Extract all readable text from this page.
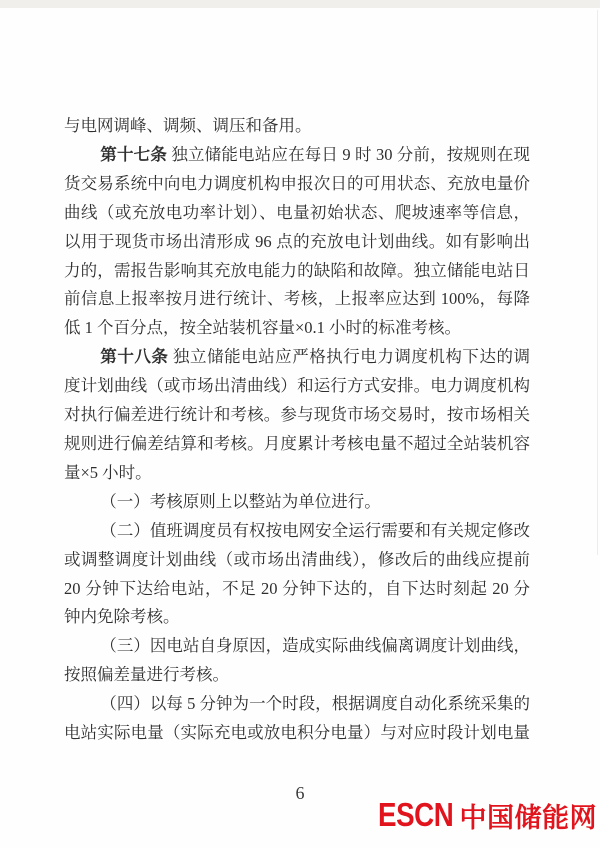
与电网调峰、调频、调压和备用。
第十七条 独立储能电站应在每日 9 时 30 分前，按规则在现
货交易系统中向电力调度机构申报次日的可用状态、充放电量价
曲线（或充放电功率计划）、电量初始状态、爬坡速率等信息，
以用于现货市场出清形成 96 点的充放电计划曲线。如有影响出
力的，需报告影响其充放电能力的缺陷和故障。独立储能电站日
前信息上报率按月进行统计、考核，上报率应达到 100%，每降
低 1 个百分点，按全站装机容量×0.1 小时的标准考核。
第十八条 独立储能电站应严格执行电力调度机构下达的调
度计划曲线（或市场出清曲线）和运行方式安排。电力调度机构
对执行偏差进行统计和考核。参与现货市场交易时，按市场相关
规则进行偏差结算和考核。月度累计考核电量不超过全站装机容
量×5 小时。
（一）考核原则上以整站为单位进行。
（二）值班调度员有权按电网安全运行需要和有关规定修改
或调整调度计划曲线（或市场出清曲线），修改后的曲线应提前
20 分钟下达给电站，不足 20 分钟下达的，自下达时刻起 20 分
钟内免除考核。
（三）因电站自身原因，造成实际曲线偏离调度计划曲线，
按照偏差量进行考核。
（四）以每 5 分钟为一个时段，根据调度自动化系统采集的
电站实际电量（实际充电或放电积分电量）与对应时段计划电量
6
ESCN 中国储能网
